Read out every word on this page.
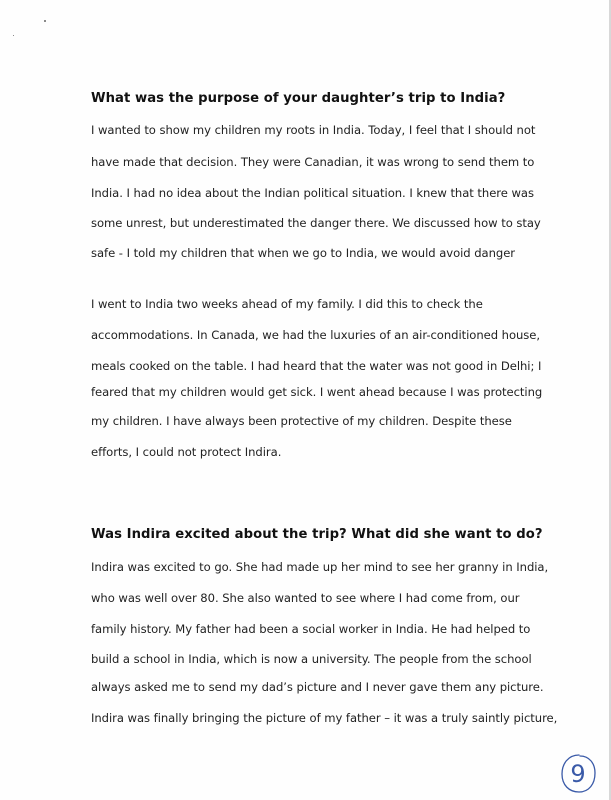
What was the purpose of your daughter’s trip to India?
I wanted to show my children my roots in India. Today, I feel that I should not
have made that decision. They were Canadian, it was wrong to send them to
India. I had no idea about the Indian political situation. I knew that there was
some unrest, but underestimated the danger there. We discussed how to stay
safe - I told my children that when we go to India, we would avoid danger
I went to India two weeks ahead of my family. I did this to check the
accommodations. In Canada, we had the luxuries of an air-conditioned house,
meals cooked on the table. I had heard that the water was not good in Delhi; I
feared that my children would get sick. I went ahead because I was protecting
my children. I have always been protective of my children. Despite these
efforts, I could not protect Indira.
Was Indira excited about the trip? What did she want to do?
Indira was excited to go. She had made up her mind to see her granny in India,
who was well over 80. She also wanted to see where I had come from, our
family history. My father had been a social worker in India. He had helped to
build a school in India, which is now a university. The people from the school
always asked me to send my dad’s picture and I never gave them any picture.
Indira was finally bringing the picture of my father – it was a truly saintly picture,
9
